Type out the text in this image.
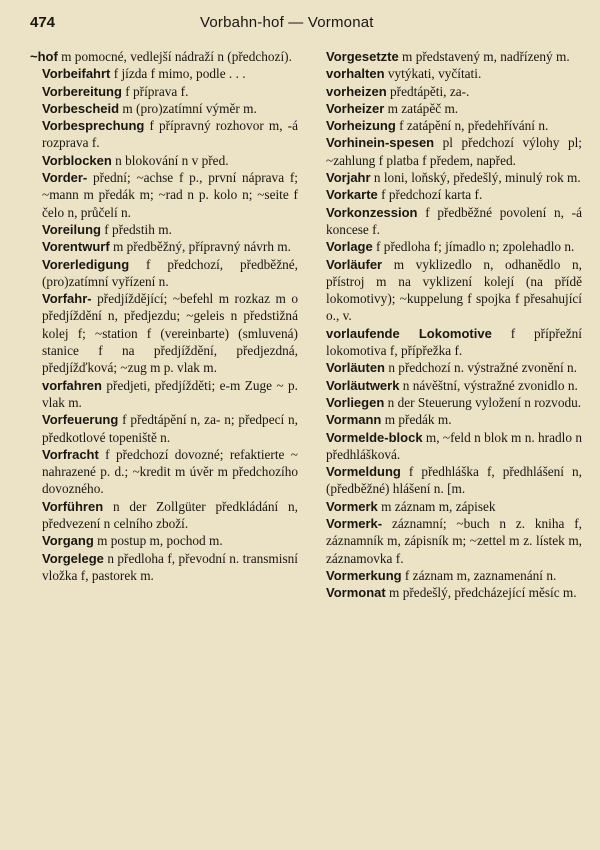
474	Vorbahn-hof — Vormonat

~hof m pomocné, vedlejší nádraží n (předchozí).

Vorbeifahrt f jízda f mimo, podle . . .

Vorbereitung f příprava f.

Vorbescheid m (pro)zatímní výměr m.

Vorbesprechung f přípravný rozhovor m, -á rozprava f.

Vorblocken n blokování n v před.

Vorder- přední; ~achse f p., první náprava f; ~mann m předák m; ~rad n p. kolo n; ~seite f čelo n, průčelí n.

Voreilung f předstih m.

Vorentwurf m předběžný, přípravný návrh m.

Vorerledigung f předchozí, předběžné, (pro)zatímní vyřízení n.

Vorfahr- předjíždějící; ~befehl m rozkaz m o předjíždění n, předjezdu; ~geleis n předstižná kolej f; ~station f (vereinbarte) (smluvená) stanice f na předjíždění, předjezdná, předjížďková; ~zug m p. vlak m.

vorfahren předjeti, předjížděti; e-m Zuge ~ p. vlak m.

Vorfeuerung f předtápění n, za- n; předpecí n, předkotlové topeniště n.

Vorfracht f předchozí dovozné; refaktierte ~ nahrazené p. d.; ~kredit m úvěr m předchozího dovozného.

Vorführen n der Zollgüter předkládání n, předvezení n celního zboží.

Vorgang m postup m, pochod m.

Vorgelege n předloha f, převodní n. transmisní vložka f, pastorek m.

Vorgesetzte m představený m, nadřízený m.

vorhalten vytýkati, vyčítati.

vorheizen předtápěti, za-.

Vorheizer m zatápěč m.

Vorheizung f zatápění n, předehřívání n.

Vorhinein-spesen pl předchozí výlohy pl; ~zahlung f platba f předem, napřed.

Vorjahr n loni, loňský, předešlý, minulý rok m.

Vorkarte f předchozí karta f.

Vorkonzession f předběžné povolení n, -á koncese f.

Vorlage f předloha f; jímadlo n; zpolehadlo n.

Vorläufer m vyklizedlo n, odhanědlo n, přístroj m na vyklizení kolejí (na přídě lokomotivy); ~kuppelung f spojka f přesahující o., v.

vorlaufende Lokomotive f přípřežní lokomotiva f, přípřežka f.

Vorläuten n předchozí n. výstražné zvonění n.

Vorläutwerk n návěštní, výstražné zvonidlo n.

Vorliegen n der Steuerung vyložení n rozvodu.

Vormann m předák m.

Vormelde-block m, ~feld n blok m n. hradlo n předhlášková.

Vormeldung f předhláška f, předhlášení n, (předběžné) hlášení n. [m.

Vormerk m záznam m, zápisek

Vormerk- záznamní; ~buch n z. kniha f, záznamník m, zápisník m; ~zettel m z. lístek m, záznamovka f.

Vormerkung f záznam m, zaznamenání n.

Vormonat m předešlý, předcházející měsíc m.
